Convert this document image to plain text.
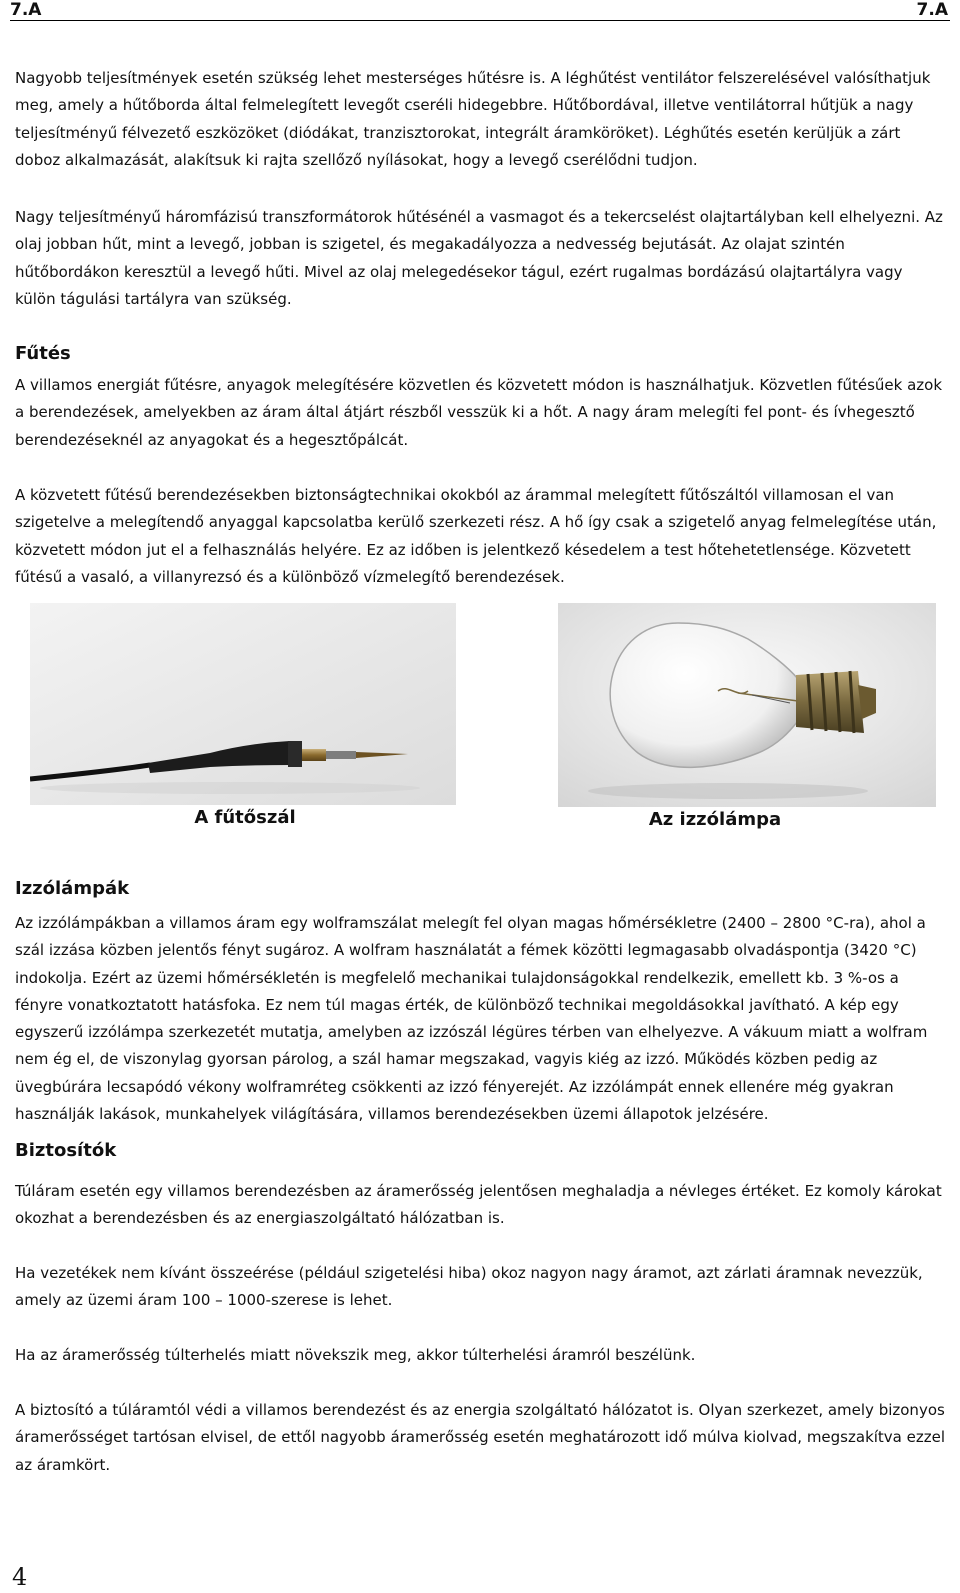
7.A	7.A

Nagyobb teljesítmények esetén szükség lehet mesterséges hűtésre is. A léghűtést ventilátor felszerelésével valósíthatjuk meg, amely a hűtőborda által felmelegített levegőt cseréli hidegebbre. Hűtőbordával, illetve ventilátorral hűtjük a nagy teljesítményű félvezető eszközöket (diódákat, tranzisztorokat, integrált áramköröket). Léghűtés esetén kerüljük a zárt doboz alkalmazását, alakítsuk ki rajta szellőző nyílásokat, hogy a levegő cserélődni tudjon.

Nagy teljesítményű háromfázisú transzformátorok hűtésénél a vasmagot és a tekercselést olajtartályban kell elhelyezni. Az olaj jobban hűt, mint a levegő, jobban is szigetel, és megakadályozza a nedvesség bejutását. Az olajat szintén hűtőbordákon keresztül a levegő hűti. Mivel az olaj melegedésekor tágul, ezért rugalmas bordázású olajtartályra vagy külön tágulási tartályra van szükség.

Fűtés

A villamos energiát fűtésre, anyagok melegítésére közvetlen és közvetett módon is használhatjuk. Közvetlen fűtésűek azok a berendezések, amelyekben az áram által átjárt részből vesszük ki a hőt. A nagy áram melegíti fel pont- és ívhegesztő berendezéseknél az anyagokat és a hegesztőpálcát.

A közvetett fűtésű berendezésekben biztonságtechnikai okokból az árammal melegített fűtőszáltól villamosan el van szigetelve a melegítendő anyaggal kapcsolatba kerülő szerkezeti rész. A hő így csak a szigetelő anyag felmelegítése után, közvetett módon jut el a felhasználás helyére. Ez az időben is jelentkező késedelem a test hőtehetetlensége. Közvetett fűtésű a vasaló, a villanyrezsó és a különböző vízmelegítő berendezések.

A fűtőszál	Az izzólámpa
Izzólámpák

Az izzólámpákban a villamos áram egy wolframszálat melegít fel olyan magas hőmérsékletre (2400 – 2800 °C-ra), ahol a szál izzása közben jelentős fényt sugároz. A wolfram használatát a fémek közötti legmagasabb olvadáspontja (3420 °C) indokolja. Ezért az üzemi hőmérsékletén is megfelelő mechanikai tulajdonságokkal rendelkezik, emellett kb. 3 %-os a fényre vonatkoztatott hatásfoka. Ez nem túl magas érték, de különböző technikai megoldásokkal javítható. A kép egy egyszerű izzólámpa szerkezetét mutatja, amelyben az izzószál légüres térben van elhelyezve. A vákuum miatt a wolfram nem ég el, de viszonylag gyorsan párolog, a szál hamar megszakad, vagyis kiég az izzó. Működés közben pedig az üvegbúrára lecsapódó vékony wolframréteg csökkenti az izzó fényerejét. Az izzólámpát ennek ellenére még gyakran használják lakások, munkahelyek világítására, villamos berendezésekben üzemi állapotok jelzésére.

Biztosítók

Túláram esetén egy villamos berendezésben az áramerősség jelentősen meghaladja a névleges értéket. Ez komoly károkat okozhat a berendezésben és az energiaszolgáltató hálózatban is.

Ha vezetékek nem kívánt összeérése (például szigetelési hiba) okoz nagyon nagy áramot, azt zárlati áramnak nevezzük, amely az üzemi áram 100 – 1000-szerese is lehet.

Ha az áramerősség túlterhelés miatt növekszik meg, akkor túlterhelési áramról beszélünk.

A biztosító a túláramtól védi a villamos berendezést és az energia szolgáltató hálózatot is. Olyan szerkezet, amely bizonyos áramerősséget tartósan elvisel, de ettől nagyobb áramerősség esetén meghatározott idő múlva kiolvad, megszakítva ezzel az áramkört.

4
